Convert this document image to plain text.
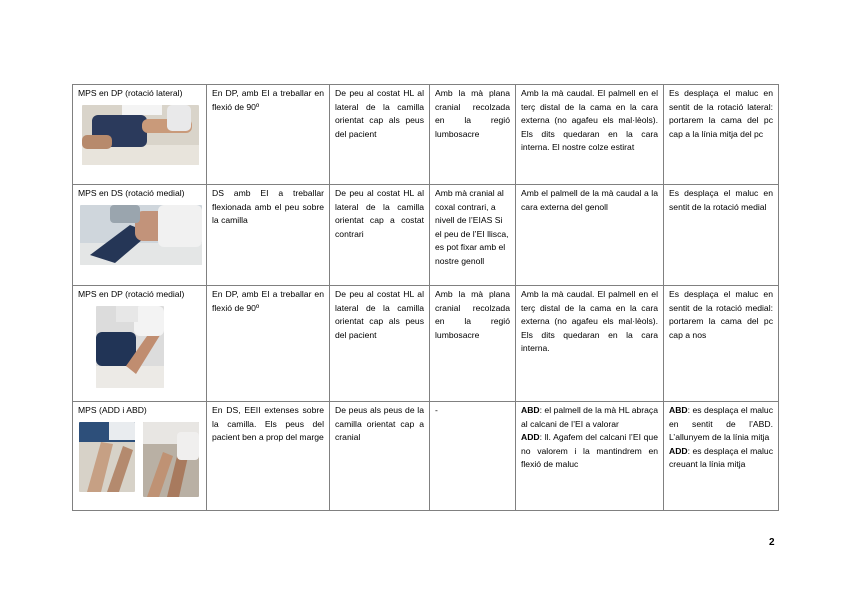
MPS en DP (rotació lateral)	En DP, amb EI a treballar en flexió de 90º	De peu al costat HL al lateral de la camilla orientat cap als peus del pacient	Amb la mà plana cranial recolzada en la regió lumbosacre	Amb la mà caudal. El palmell en el terç distal de la cama en la cara externa (no agafeu els mal·lèols). Els dits quedaran en la cara interna. El nostre colze estirat	Es desplaça el maluc en sentit de la rotació lateral: portarem la cama del pc cap a la línia mitja del pc

MPS en DS (rotació medial)	DS amb EI a treballar flexionada amb el peu sobre la camilla	De peu al costat HL al lateral de la camilla orientat cap a costat contrari	Amb mà cranial al coxal contrari, a nivell de l’EIAS Si el peu de l’EI llisca, es pot fixar amb el nostre genoll	Amb el palmell de la mà caudal a la cara externa del genoll	Es desplaça el maluc en sentit de la rotació medial

MPS en DP (rotació medial)	En DP, amb EI a treballar en flexió de 90º	De peu al costat HL al lateral de la camilla orientat cap als peus del pacient	Amb la mà plana cranial recolzada en la regió lumbosacre	Amb la mà caudal. El palmell en el terç distal de la cama en la cara externa (no agafeu els mal·lèols). Els dits quedaran en la cara interna.	Es desplaça el maluc en sentit de la rotació medial: portarem la cama del pc cap a nos

MPS (ADD i ABD)	En DS, EEII extenses sobre la camilla. Els peus del pacient ben a prop del marge	De peus als peus de la camilla orientat cap a cranial	-	ABD: el palmell de la mà HL abraça al calcani de l’EI a valorar
ADD: ll. Agafem del calcani l’EI que no valorem i la mantindrem en flexió de maluc	ABD: es desplaça el maluc en sentit de l’ABD. L’allunyem de la línia mitja
ADD: es desplaça el maluc creuant la línia mitja
2
